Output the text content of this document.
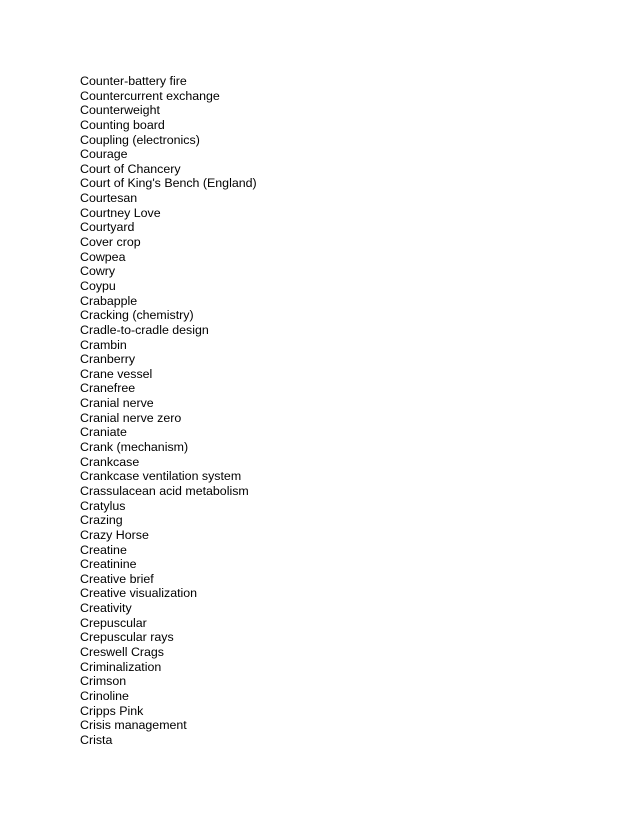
Counter-battery fire
Countercurrent exchange
Counterweight
Counting board
Coupling (electronics)
Courage
Court of Chancery
Court of King's Bench (England)
Courtesan
Courtney Love
Courtyard
Cover crop
Cowpea
Cowry
Coypu
Crabapple
Cracking (chemistry)
Cradle-to-cradle design
Crambin
Cranberry
Crane vessel
Cranefree
Cranial nerve
Cranial nerve zero
Craniate
Crank (mechanism)
Crankcase
Crankcase ventilation system
Crassulacean acid metabolism
Cratylus
Crazing
Crazy Horse
Creatine
Creatinine
Creative brief
Creative visualization
Creativity
Crepuscular
Crepuscular rays
Creswell Crags
Criminalization
Crimson
Crinoline
Cripps Pink
Crisis management
Crista
